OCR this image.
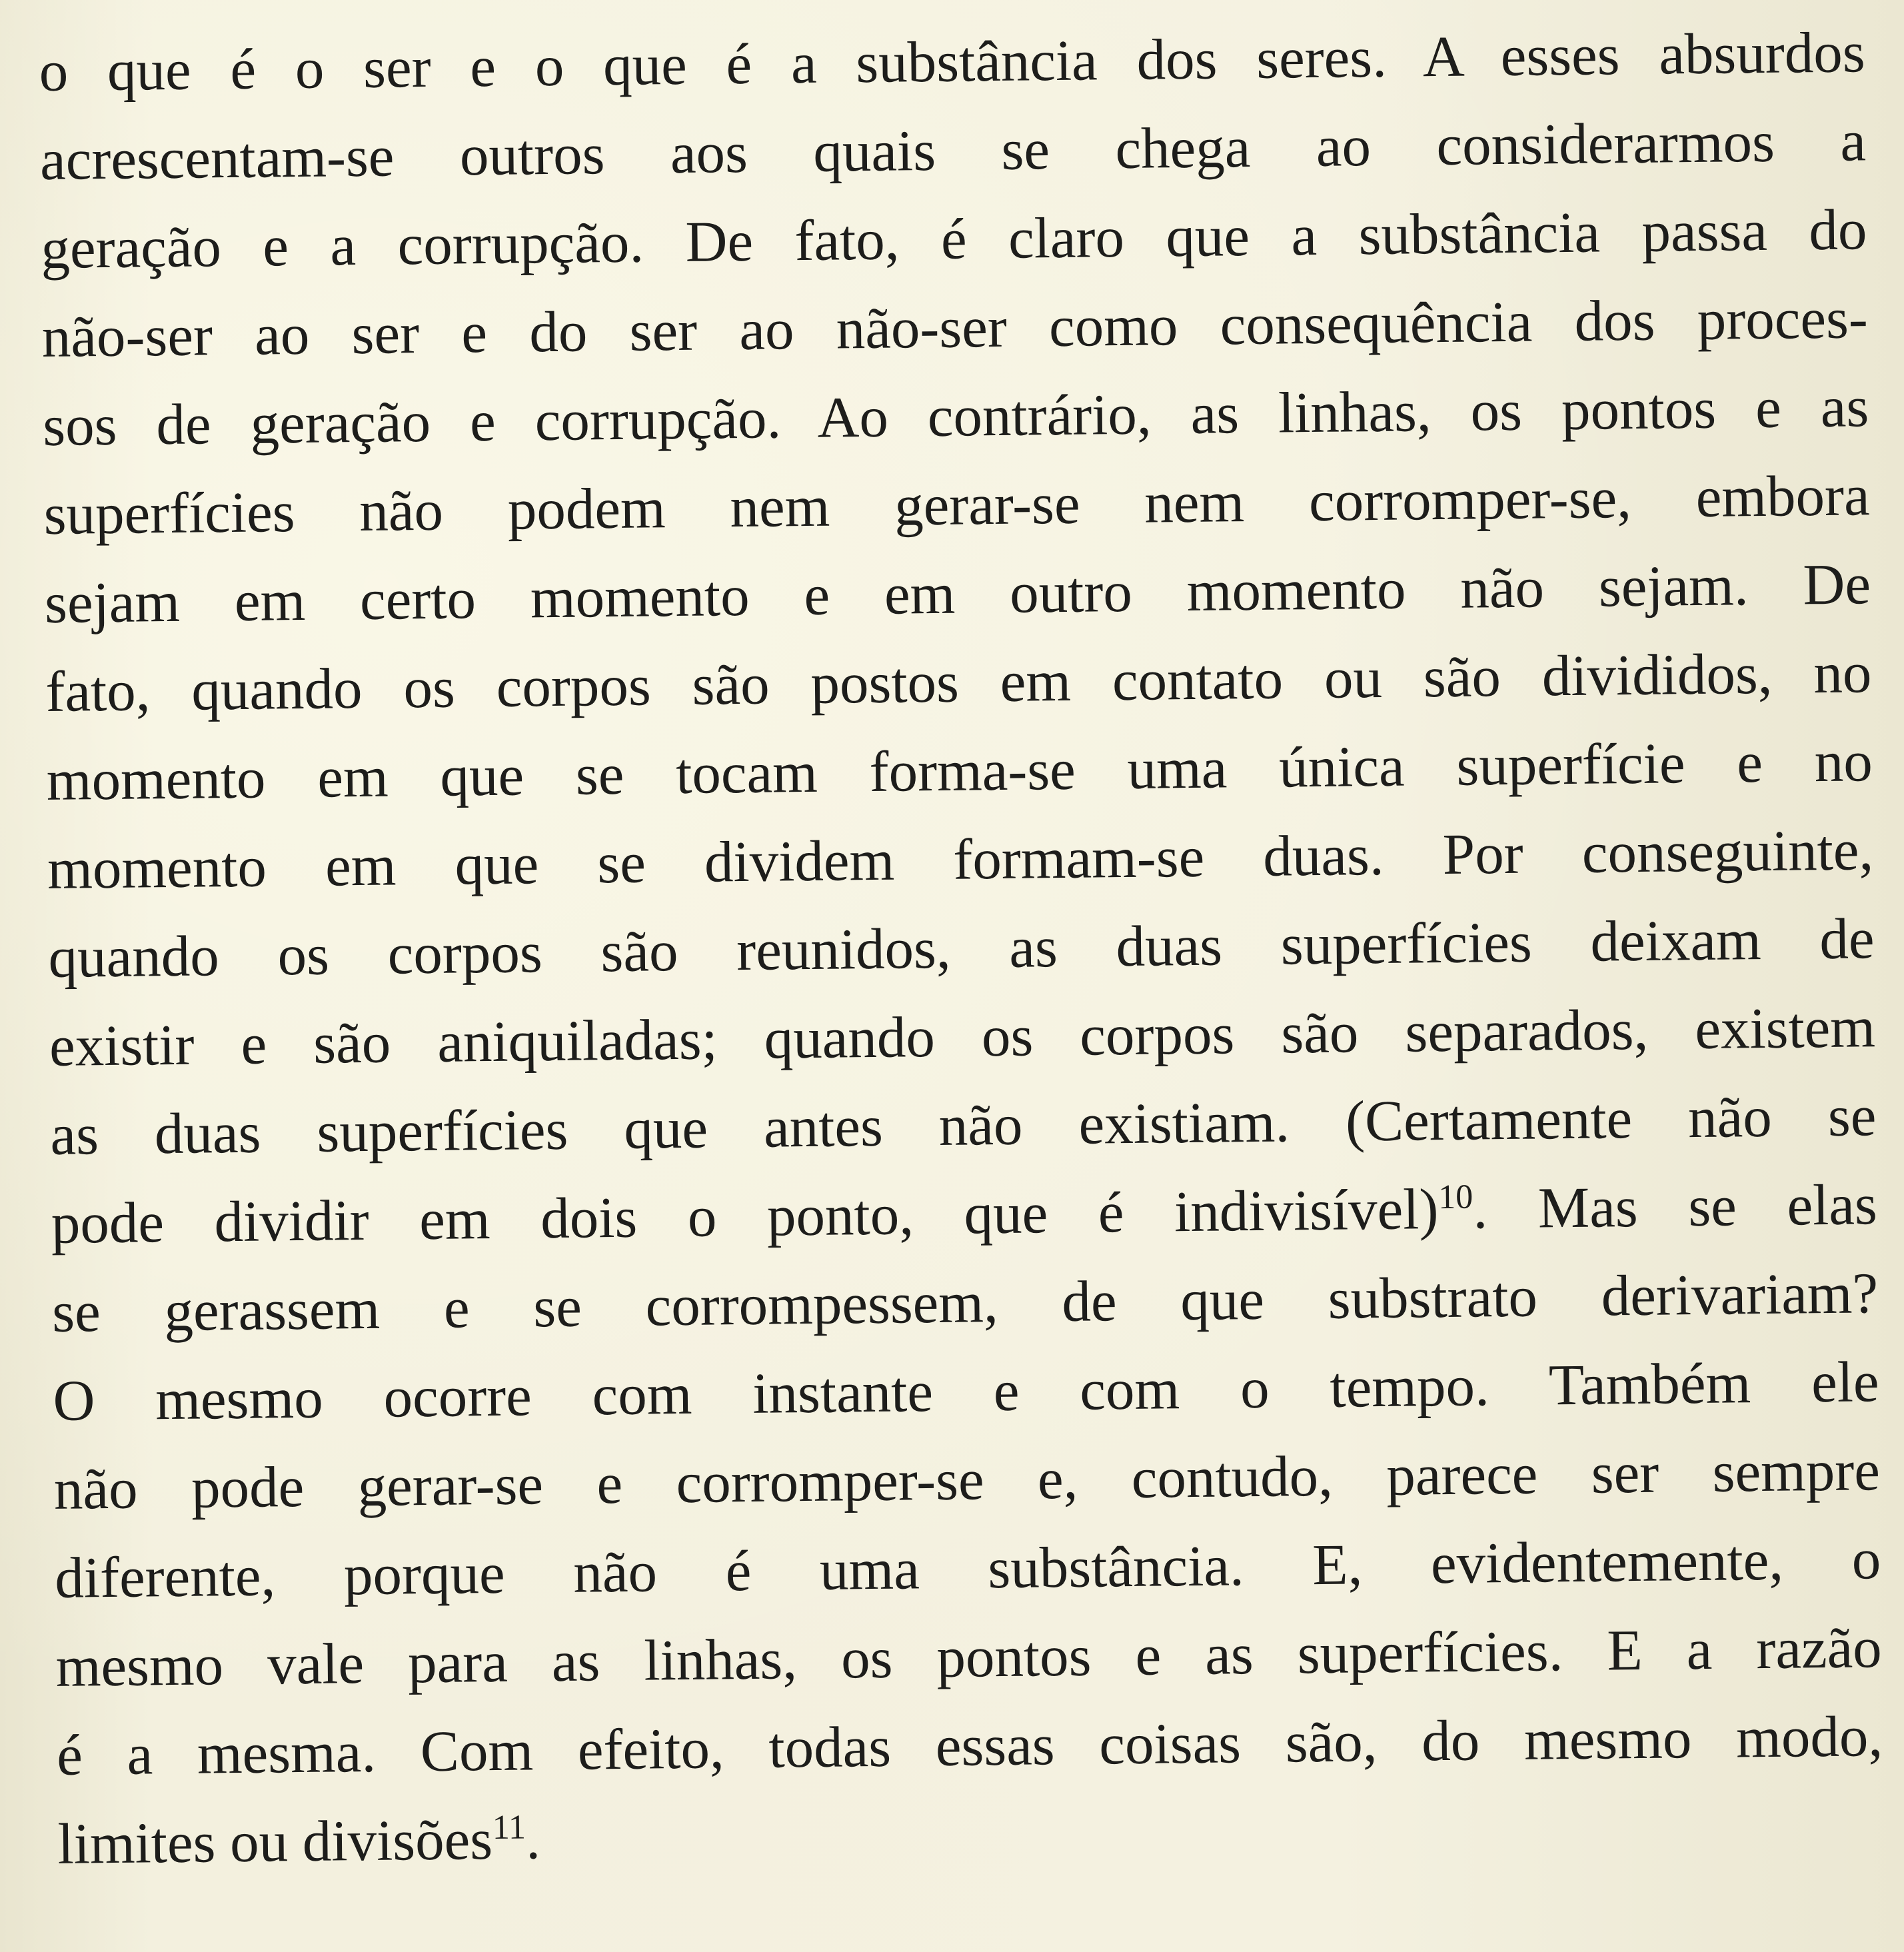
o que é o ser e o que é a substância dos seres. A esses absurdos
acrescentam-se outros aos quais se chega ao considerarmos a
geração e a corrupção. De fato, é claro que a substância passa do
não-ser ao ser e do ser ao não-ser como consequência dos proces-
sos de geração e corrupção. Ao contrário, as linhas, os pontos e as
superfícies não podem nem gerar-se nem corromper-se, embora
sejam em certo momento e em outro momento não sejam. De
fato, quando os corpos são postos em contato ou são divididos, no
momento em que se tocam forma-se uma única superfície e no
momento em que se dividem formam-se duas. Por conseguinte,
quando os corpos são reunidos, as duas superfícies deixam de
existir e são aniquiladas; quando os corpos são separados, existem
as duas superfícies que antes não existiam. (Certamente não se
pode dividir em dois o ponto, que é indivisível)$^{10}$. Mas se elas
se gerassem e se corrompessem, de que substrato derivariam?
O mesmo ocorre com instante e com o tempo. Também ele
não pode gerar-se e corromper-se e, contudo, parece ser sempre
diferente, porque não é uma substância. E, evidentemente, o
mesmo vale para as linhas, os pontos e as superfícies. E a razão
é a mesma. Com efeito, todas essas coisas são, do mesmo modo,
limites ou divisões$^{11}$.
